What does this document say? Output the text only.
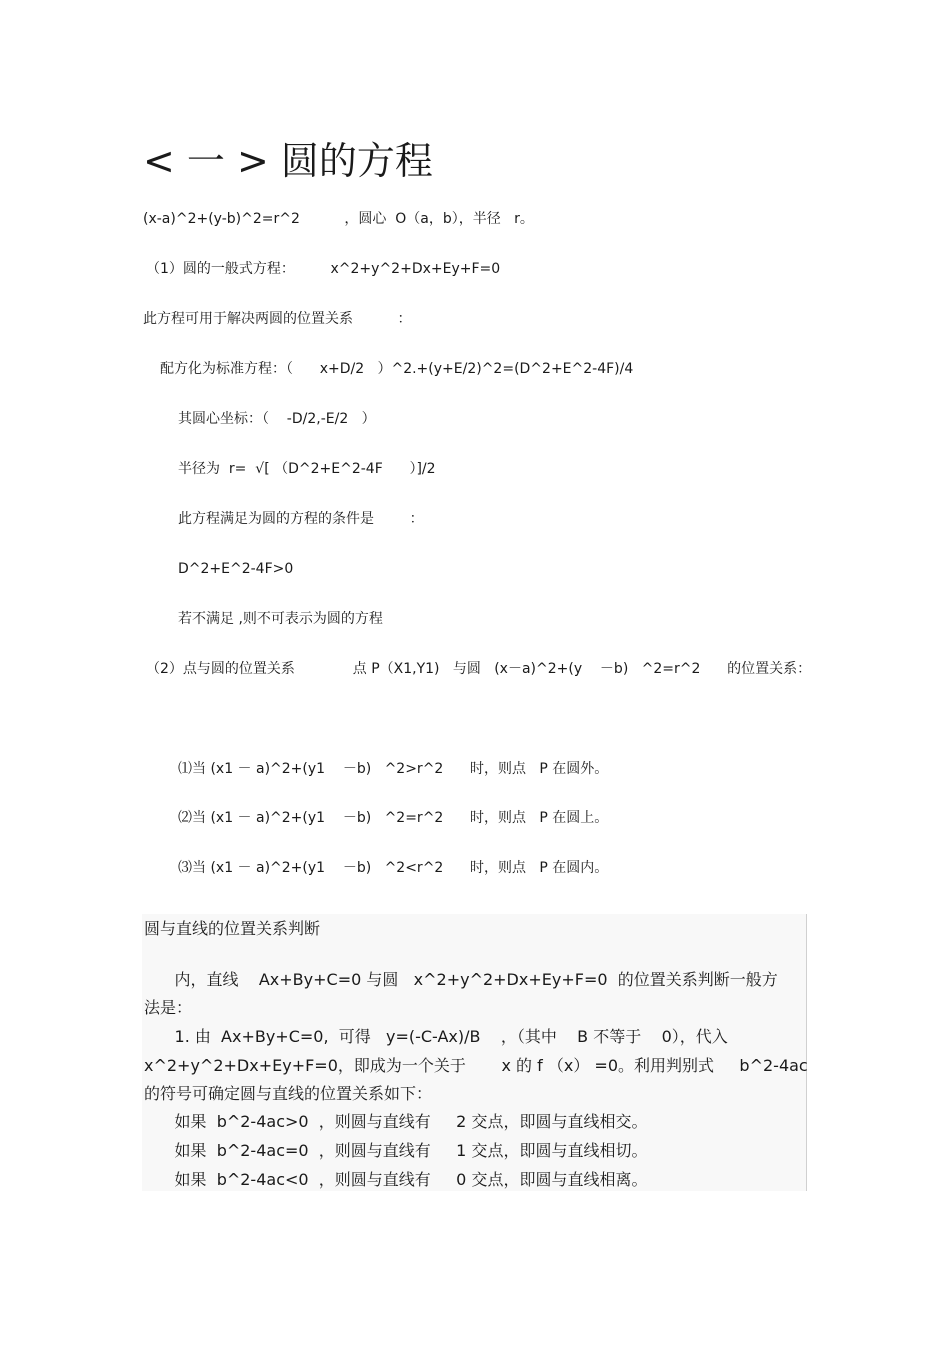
< 一 > 圆的方程
(x-a)^2+(y-b)^2=r^2          ，圆心  O（a，b），半径   r。
（1）圆的一般式方程：        x^2+y^2+Dx+Ey+F=0
此方程可用于解决两圆的位置关系          ：
配方化为标准方程：（      x+D/2   ）^2.+(y+E/2)^2=(D^2+E^2-4F)/4
其圆心坐标：（    -D/2,-E/2   ）
半径为  r=  √[ （D^2+E^2-4F      ）]/2
此方程满足为圆的方程的条件是        ：
D^2+E^2-4F>0
若不满足 ,则不可表示为圆的方程
（2）点与圆的位置关系             点 P（X1,Y1)   与圆   (x－a)^2+(y    －b)   ^2=r^2      的位置关系：
⑴当 (x1 － a)^2+(y1    －b)   ^2>r^2      时，则点   P 在圆外。
⑵当 (x1 － a)^2+(y1    －b)   ^2=r^2      时，则点   P 在圆上。
⑶当 (x1 － a)^2+(y1    －b)   ^2<r^2      时，则点   P 在圆内。
圆与直线的位置关系判断
内，直线    Ax+By+C=0 与圆   x^2+y^2+Dx+Ey+F=0  的位置关系判断一般方
法是：
1. 由  Ax+By+C=0,  可得   y=(-C-Ax)/B    ，（其中    B 不等于    0），代入
x^2+y^2+Dx+Ey+F=0，即成为一个关于       x 的 f （x） =0。利用判别式     b^2-4ac
的符号可确定圆与直线的位置关系如下：
如果  b^2-4ac>0  ，则圆与直线有     2 交点，即圆与直线相交。
如果  b^2-4ac=0  ，则圆与直线有     1 交点，即圆与直线相切。
如果  b^2-4ac<0  ，则圆与直线有     0 交点，即圆与直线相离。
